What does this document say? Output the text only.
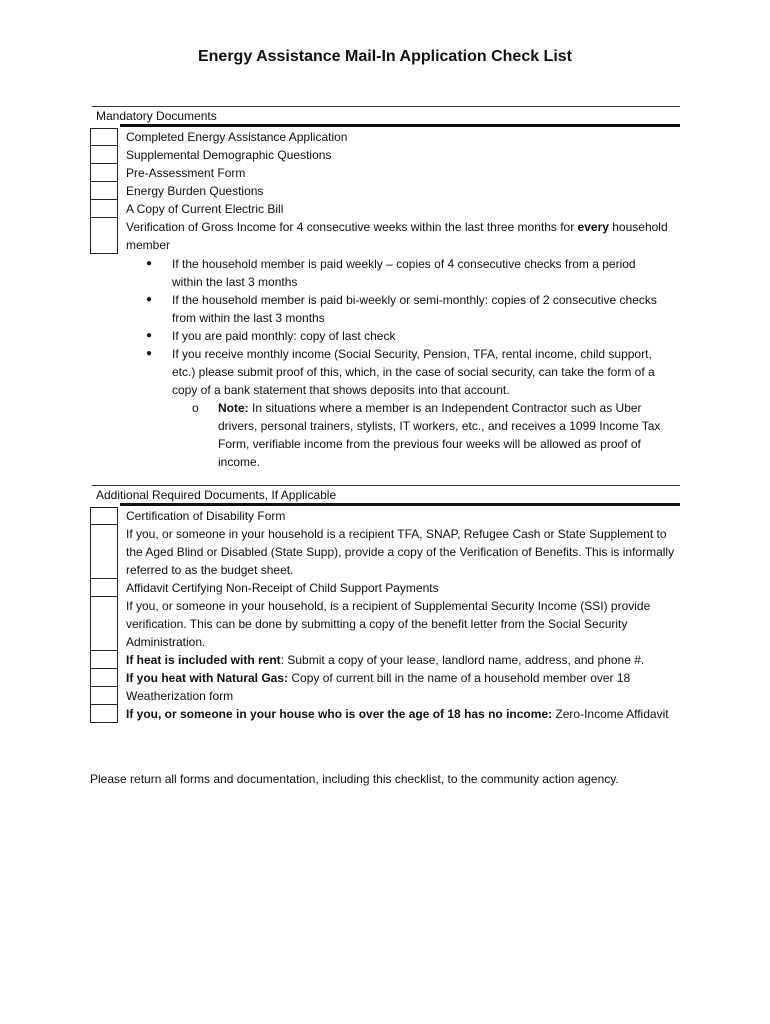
Energy Assistance Mail-In Application Check List
Mandatory Documents
Completed Energy Assistance Application
Supplemental Demographic Questions
Pre-Assessment Form
Energy Burden Questions
A Copy of Current Electric Bill
Verification of Gross Income for 4 consecutive weeks within the last three months for every household member
●	If the household member is paid weekly – copies of 4 consecutive checks from a period within the last 3 months
●	If the household member is paid bi-weekly or semi-monthly: copies of 2 consecutive checks from within the last 3 months
●	If you are paid monthly: copy of last check
●	If you receive monthly income (Social Security, Pension, TFA, rental income, child support, etc.) please submit proof of this, which, in the case of social security, can take the form of a copy of a bank statement that shows deposits into that account.
o	Note: In situations where a member is an Independent Contractor such as Uber drivers, personal trainers, stylists, IT workers, etc., and receives a 1099 Income Tax Form, verifiable income from the previous four weeks will be allowed as proof of income.
Additional Required Documents, If Applicable
Certification of Disability Form
If you, or someone in your household is a recipient TFA, SNAP, Refugee Cash or State Supplement to the Aged Blind or Disabled (State Supp), provide a copy of the Verification of Benefits. This is informally referred to as the budget sheet.
Affidavit Certifying Non-Receipt of Child Support Payments
If you, or someone in your household, is a recipient of Supplemental Security Income (SSI) provide verification. This can be done by submitting a copy of the benefit letter from the Social Security Administration.
If heat is included with rent: Submit a copy of your lease, landlord name, address, and phone #.
If you heat with Natural Gas: Copy of current bill in the name of a household member over 18
Weatherization form
If you, or someone in your house who is over the age of 18 has no income: Zero-Income Affidavit
Please return all forms and documentation, including this checklist, to the community action agency.
